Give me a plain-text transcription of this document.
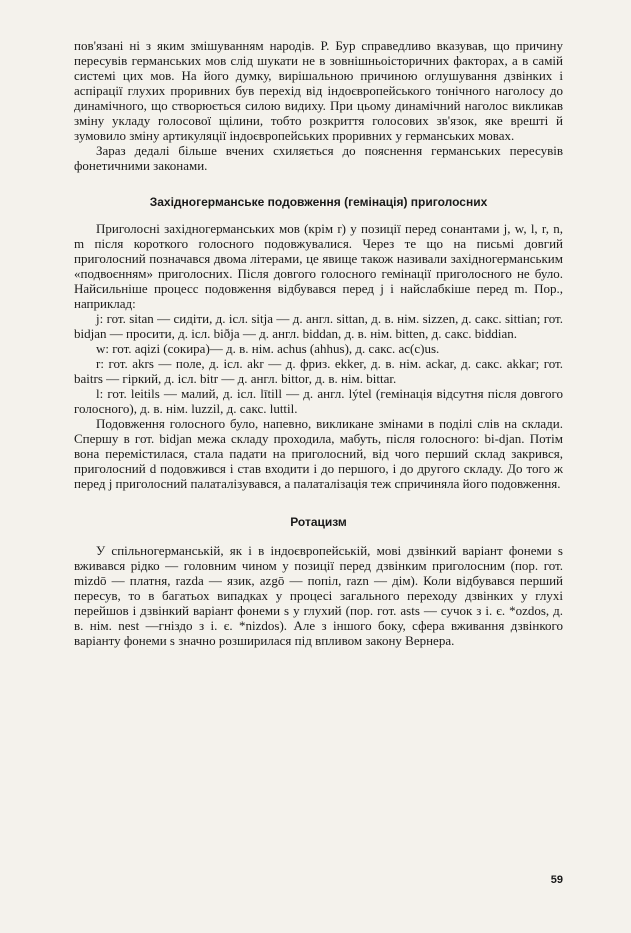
пов'язані ні з яким змішуванням народів. Р. Бур справедливо вказував, що причину пересувів германських мов слід шукати не в зовнішньоісторичних факторах, а в самій системі цих мов. На його думку, вирішальною причиною оглушування дзвінких і аспірації глухих проривних був перехід від індоєвропейського тонічного наголосу до динамічного, що створюється силою видиху. При цьому динамічний наголос викликав зміну укладу голосової щілини, тобто розкриття голосових зв'язок, яке врешті й зумовило зміну артикуляції індоєвропейських проривних у германських мовах.

Зараз дедалі більше вчених схиляється до пояснення германських пересувів фонетичними законами.

Західногерманське подовження (гемінація) приголосних

Приголосні західногерманських мов (крім r) у позиції перед сонантами j, w, l, r, n, m після короткого голосного подовжувалися. Через те що на письмі довгий приголосний позначався двома літерами, це явище також називали західногерманським «подвоєнням» приголосних. Після довгого голосного гемінації приголосного не було. Найсильніше процесс подовження відбувався перед j і найслабкіше перед m. Пор., наприклад:

j: гот. sitan — сидіти, д. ісл. sitja — д. англ. sittan, д. в. нім. sizzen, д. сакс. sittian; гот. bidjan — просити, д. ісл. biðja — д. англ. biddan, д. в. нім. bitten, д. сакс. biddian.

w: гот. aqizi (сокира)— д. в. нім. achus (ahhus), д. сакс. ac(c)us.

r: гот. akrs — поле, д. ісл. akr — д. фриз. ekker, д. в. нім. ackar, д. сакс. akkar; гот. baitrs — гіркий, д. ісл. bitr — д. англ. bittor, д. в. нім. bittar.

l: гот. leitils — малий, д. ісл. lītill — д. англ. lýtel (гемінація відсутня після довгого голосного), д. в. нім. luzzil, д. сакс. luttil.

Подовження голосного було, напевно, викликане змінами в поділі слів на склади. Спершу в гот. bidjan межа складу проходила, мабуть, після голосного: bi-djan. Потім вона перемістилася, стала падати на приголосний, від чого перший склад закрився, приголосний d подовжився і став входити і до першого, і до другого складу. До того ж перед j приголосний палаталізувався, а палаталізація теж спричиняла його подовження.

Ротацизм

У спільногерманській, як і в індоєвропейській, мові дзвінкий варіант фонеми s вживався рідко — головним чином у позиції перед дзвінким приголосним (пор. гот. mizdō — платня, razda — язик, azgō — попіл, razn — дім). Коли відбувався перший пересув, то в багатьох випадках у процесі загального переходу дзвінких у глухі перейшов і дзвінкий варіант фонеми s у глухий (пор. гот. asts — сучок з і. є. *ozdos, д. в. нім. nest —гніздо з і. є. *nizdos). Але з іншого боку, сфера вживання дзвінкого варіанту фонеми s значно розширилася під впливом закону Вернера.

59
